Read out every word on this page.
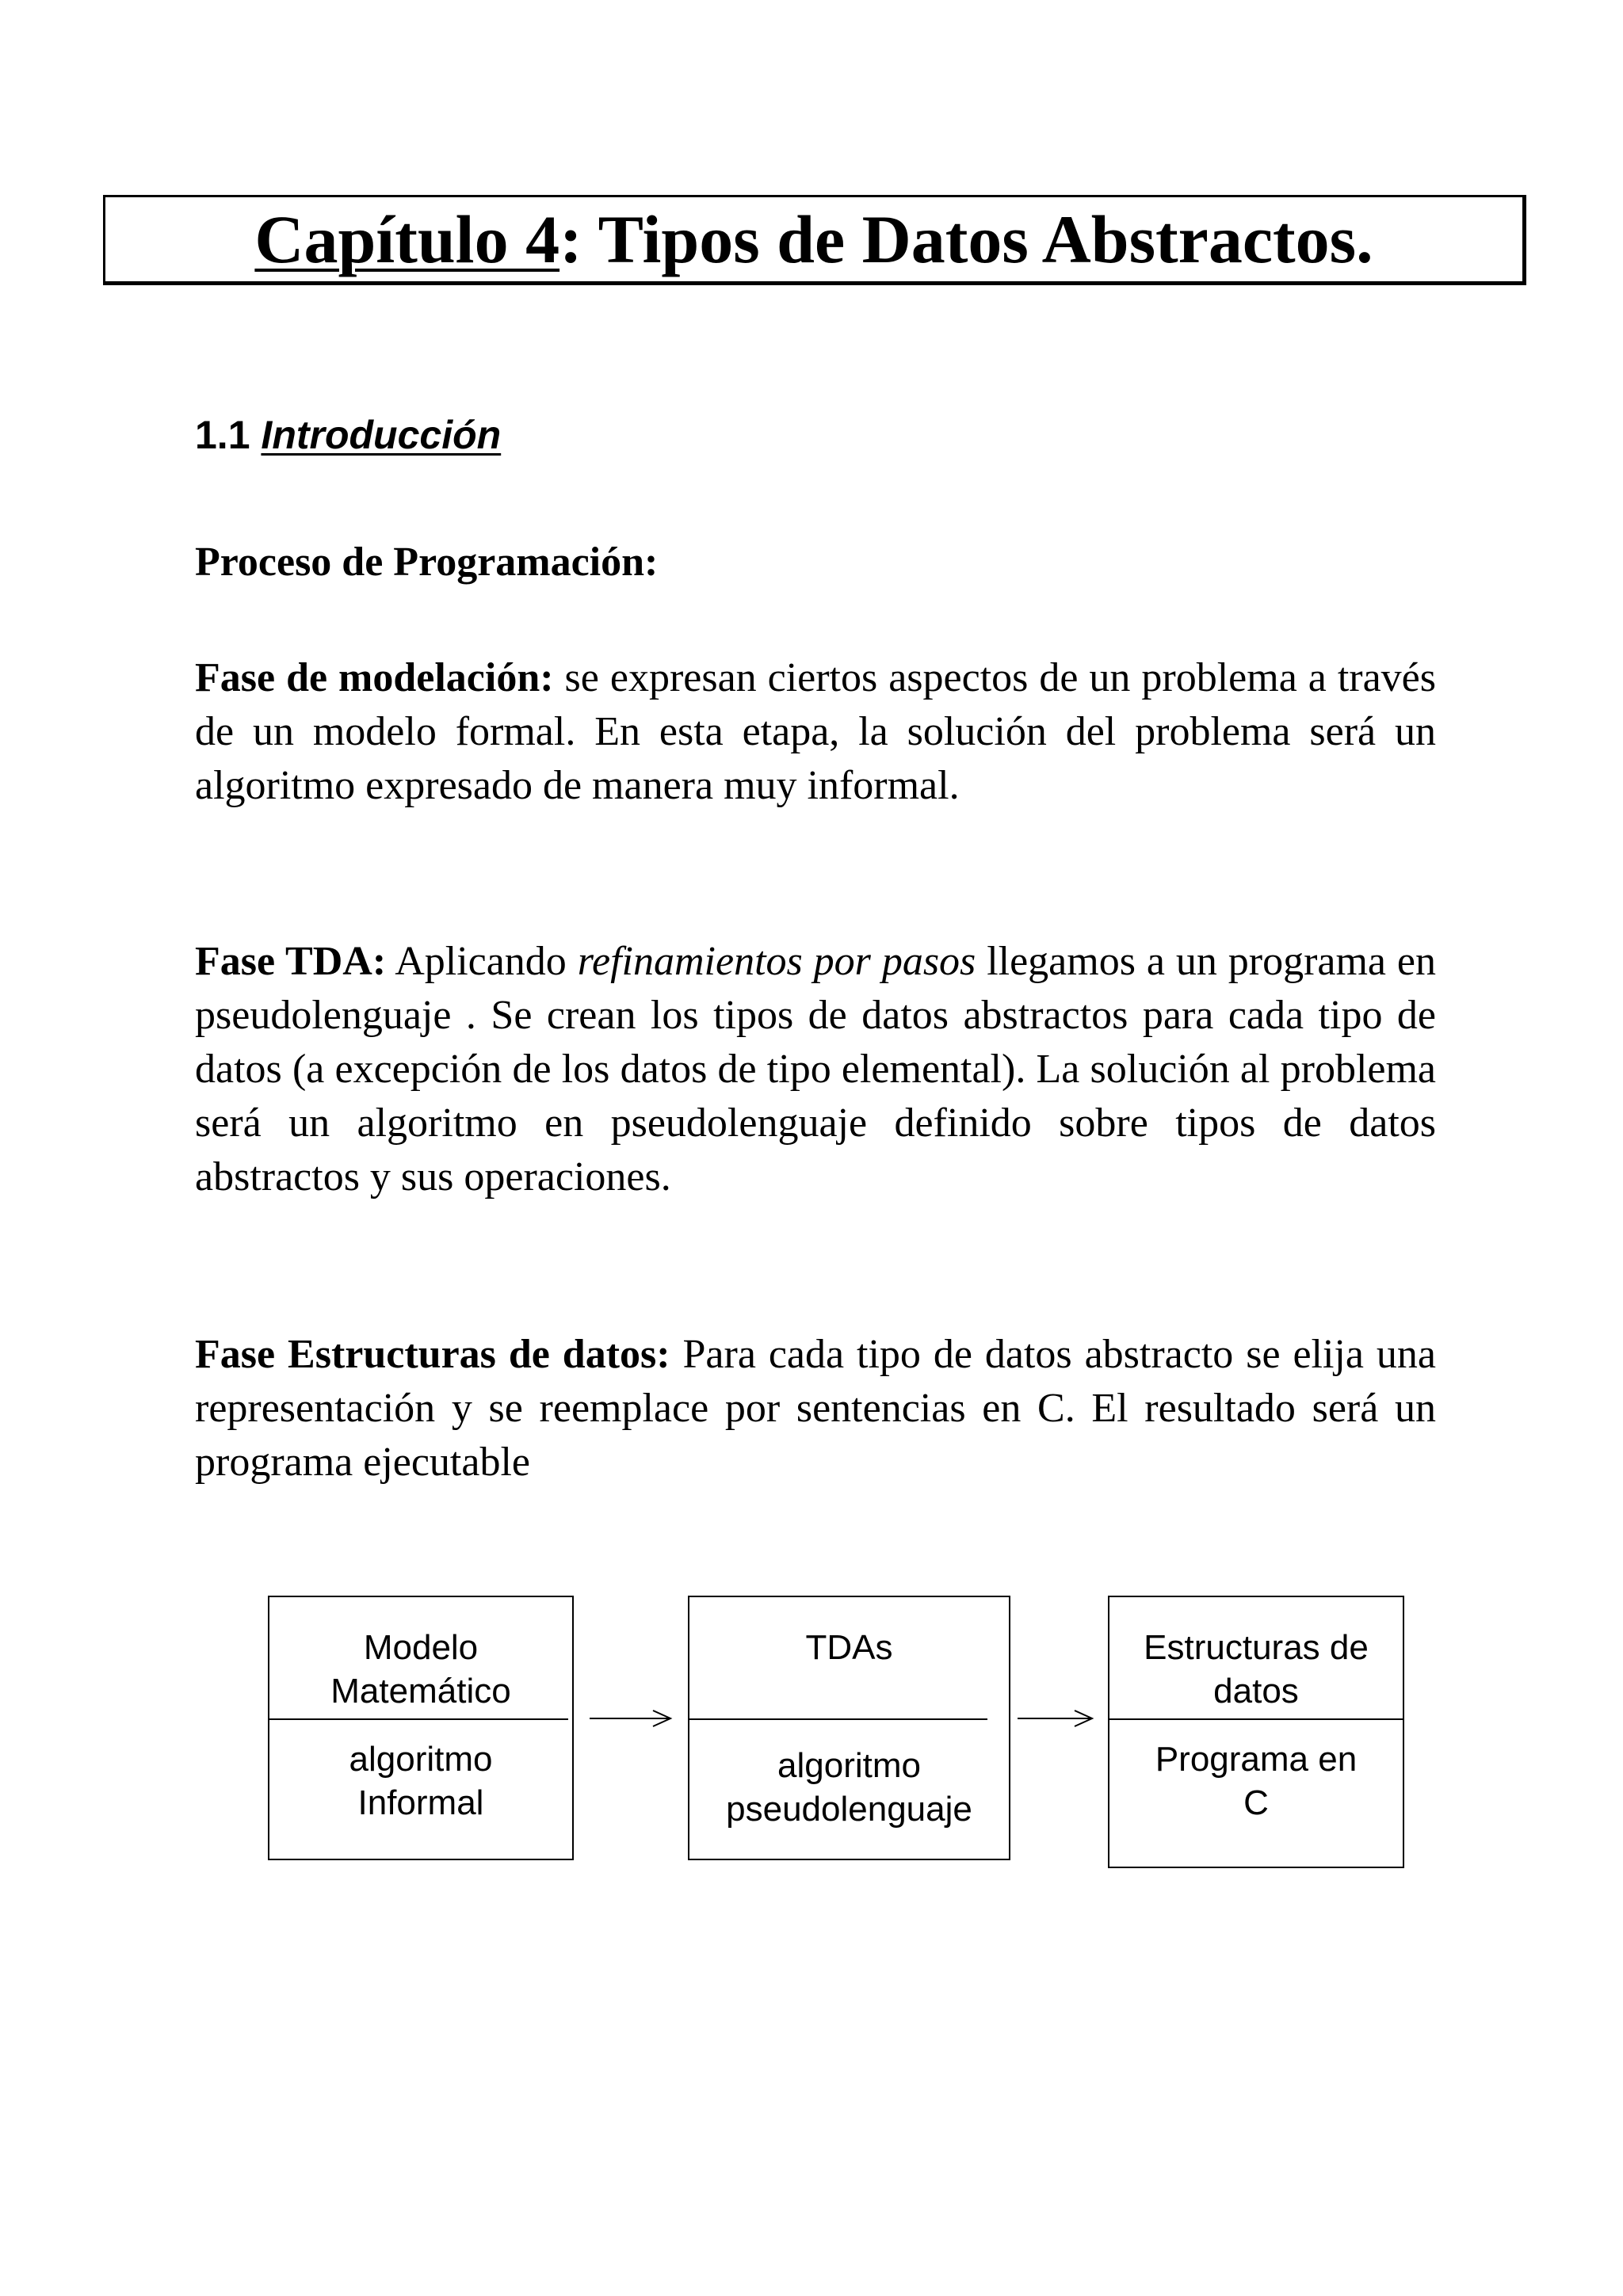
Capítulo 4 : Tipos de Datos Abstractos.
1.1 Introducción
Proceso de Programación:
Fase de modelación: se expresan ciertos aspectos de un problema a través de un modelo formal. En esta etapa, la solución del problema será un algoritmo expresado de manera muy informal.
Fase TDA: Aplicando refinamientos por pasos llegamos a un programa en pseudolenguaje . Se crean los tipos de datos abstractos para cada tipo de datos (a excepción de los datos de tipo elemental). La solución al problema será un algoritmo en pseudolenguaje definido sobre tipos de datos abstractos y sus operaciones.
Fase Estructuras de datos: Para cada tipo de datos abstracto se elija una representación y se reemplace por sentencias en C. El resultado será un programa ejecutable
Modelo
Matemático
algoritmo
Informal
TDAs
algoritmo
pseudolenguaje
Estructuras de
datos
Programa en
C
